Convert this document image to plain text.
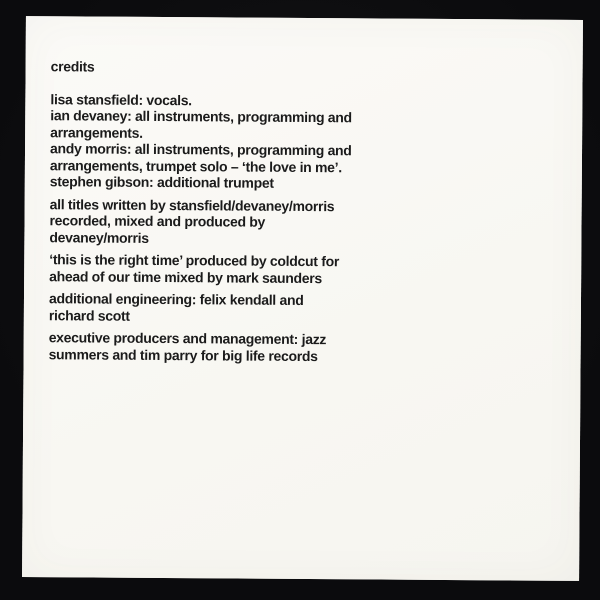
credits

lisa stansfield: vocals.
ian devaney: all instruments, programming and
arrangements.
andy morris: all instruments, programming and
arrangements, trumpet solo – ‘the love in me’.
stephen gibson: additional trumpet

all titles written by stansfield/devaney/morris
recorded, mixed and produced by
devaney/morris

‘this is the right time’ produced by coldcut for
ahead of our time mixed by mark saunders

additional engineering: felix kendall and
richard scott

executive producers and management: jazz
summers and tim parry for big life records
